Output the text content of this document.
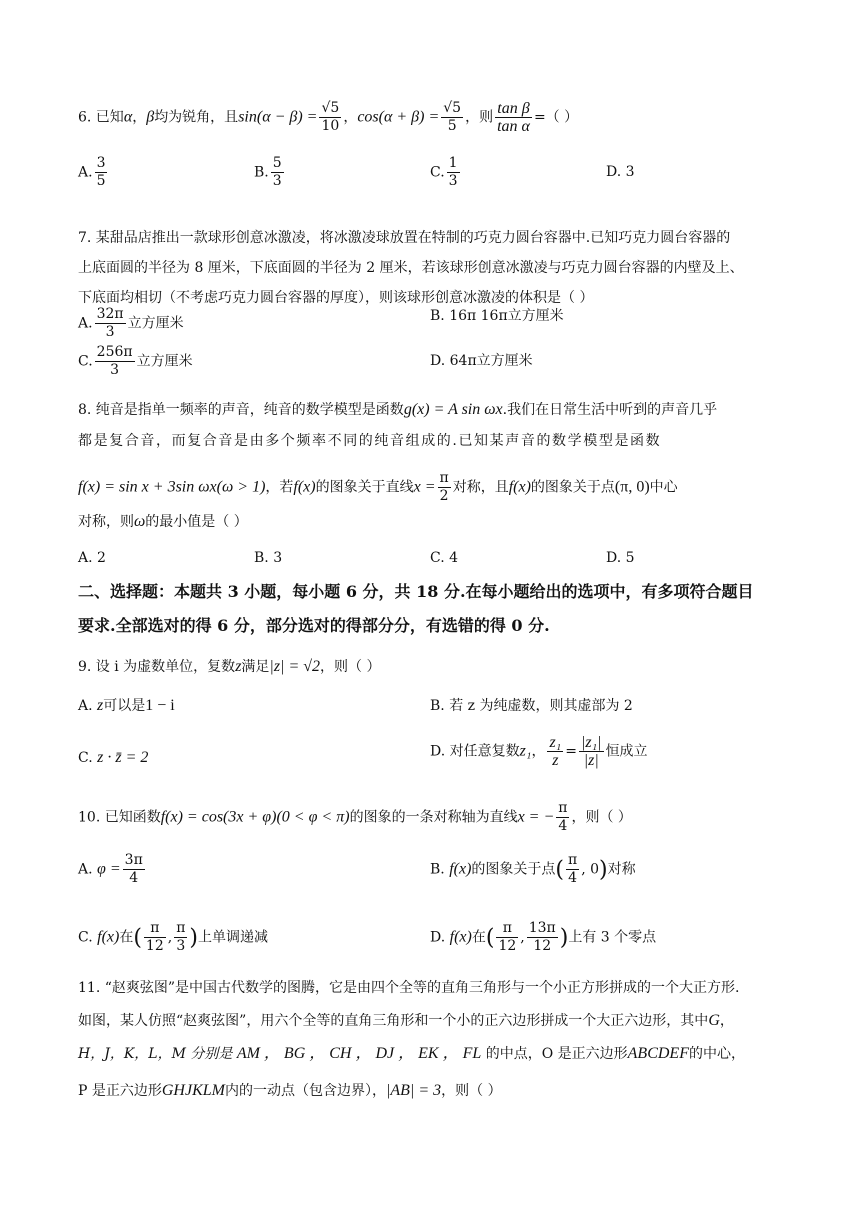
6. 已知α，β均为锐角，且$\sin(\alpha - \beta) = \frac{√5}{10}$ ，$\cos(\alpha + \beta) = \frac{√5}{5}$ ，则 $\frac{\text{tan β}}{\text{tan α}}$ =（ ）
A. $\frac{3}{5}$	B. $\frac{5}{3}$	C. $\frac{1}{3}$	D. 3
7. 某甜品店推出一款球形创意冰激凌，将冰激凌球放置在特制的巧克力圆台容器中.已知巧克力圆台容器的
上底面圆的半径为 8 厘米，下底面圆的半径为 2 厘米，若该球形创意冰激凌与巧克力圆台容器的内壁及上、
下底面均相切（不考虑巧克力圆台容器的厚度），则该球形创意冰激凌的体积是（ ）
A. $\frac{32\pi}{3}$ 立方厘米	B. 16π 16π立方厘米
C. $\frac{256\pi}{3}$ 立方厘米	D. 64π立方厘米
8. 纯音是指单一频率的声音，纯音的数学模型是函数g(x) = A sin ωx.我们在日常生活中听到的声音几乎
都是复合音，而复合音是由多个频率不同的纯音组成的.已知某声音的数学模型是函数
f(x) = sin x + 3sin ωx(ω > 1)，若f(x)的图象关于直线$x = \frac{\pi}{2}$ 对称，且f(x)的图象关于点(π, 0)中心
对称，则ω的最小值是（ ）
A. 2	B. 3	C. 4	D. 5
二、选择题：本题共 3 小题，每小题 6 分，共 18 分.在每小题给出的选项中，有多项符合题目
要求.全部选对的得 6 分，部分选对的得部分分，有选错的得 0 分.
9. 设 i 为虚数单位，复数z满足|z| = √2，则（ ）
A. z可以是1 − i	B. 若 z 为纯虚数，则其虚部为 2
C. z · z̄ = 2	D. 对任意复数z₁， $\frac{\text{z₁}}{z} = \frac{\text{|z₁|}}{|z|}$ 恒成立
10. 已知函数f(x) = cos(3x + φ)(0 < φ < π)的图象的一条对称轴为直线x = − $\frac{\pi}{4}$ ，则（ ）
A. $\varphi = \frac{3\pi}{4}$	B. f(x)的图象关于点( $\frac{\pi}{4}$ , 0)对称
C. f(x)在( $\frac{\pi}{12}$ , $\frac{\pi}{3}$ )上单调递减	D. f(x)在( $\frac{\pi}{12}$ , $\frac{13\pi}{12}$ )上有 3 个零点
11. “赵爽弦图”是中国古代数学的图腾，它是由四个全等的直角三角形与一个小正方形拼成的一个大正方形.
如图，某人仿照“赵爽弦图”，用六个全等的直角三角形和一个小的正六边形拼成一个大正六边形，其中G，
H，J，K，L，M 分别是 AM ， BG ， CH ， DJ ， EK ， FL 的中点，O 是正六边形ABCDEF的中心，
P 是正六边形GHJKLM内的一动点（包含边界），|AB| = 3，则（ ）
